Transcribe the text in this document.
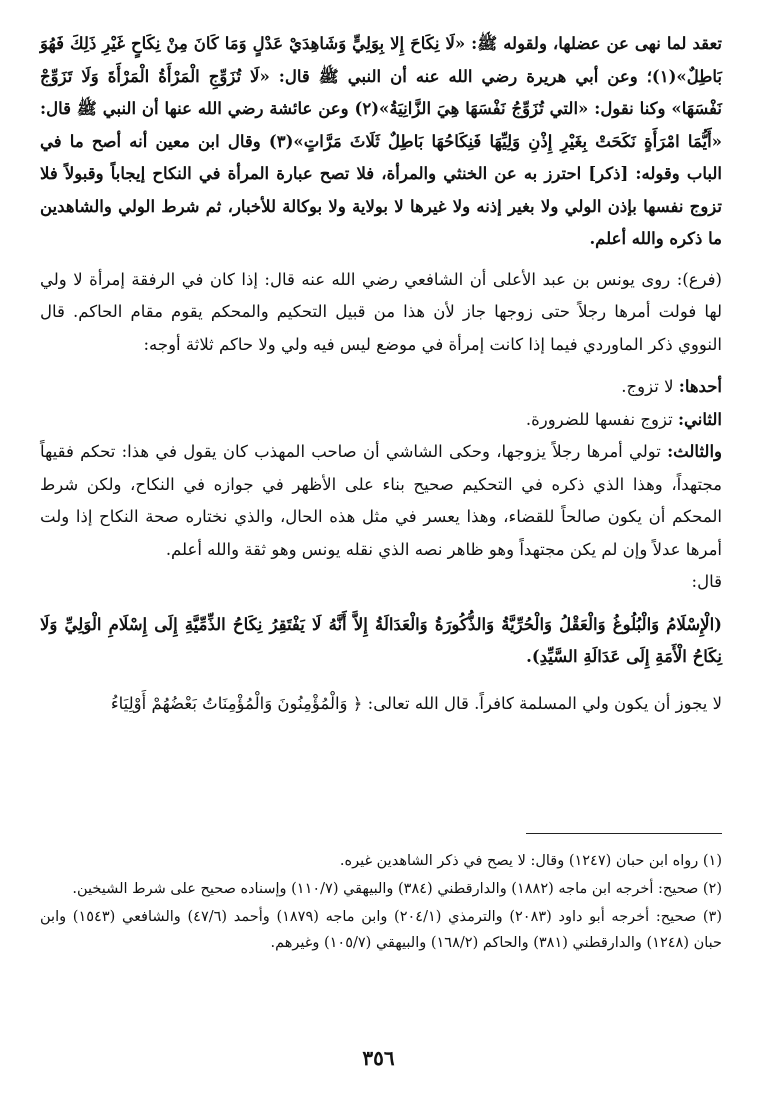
تعقد لما نهى عن عضلها، ولقوله ﷺ: «لَا نِكَاحَ إِلا بِوَلِيٍّ وَشَاهِدَيْ عَدْلٍ وَمَا كَانَ مِنْ نِكَاحٍ غَيْرِ ذَلِكَ فَهُوَ بَاطِلٌ»(١)؛ وعن أبي هريرة رضي الله عنه أن النبي ﷺ قال: «لَا تُزَوِّجِ الْمَرْأَةُ الْمَرْأَةَ وَلَا تَزَوِّجْ نَفْسَهَا» وكنا نقول: «التي تُزَوِّجُ نَفْسَهَا هِيَ الزَّانِيَةُ»(٢) وعن عائشة رضي الله عنها أن النبي ﷺ قال: «أَيُّمَا امْرَأَةٍ نَكَحَتْ بِغَيْرِ إِذْنِ وَلِيِّهَا فَنِكَاحُهَا بَاطِلٌ ثَلَاثَ مَرَّاتٍ»(٣) وقال ابن معين أنه أصح ما في الباب وقوله: [ذكر] احترز به عن الخنثي والمرأة، فلا تصح عبارة المرأة في النكاح إيجاباً وقبولاً فلا تزوج نفسها بإذن الولي ولا بغير إذنه ولا غيرها لا بولاية ولا بوكالة للأخبار، ثم شرط الولي والشاهدين ما ذكره والله أعلم.

(فرع): روى يونس بن عبد الأعلى أن الشافعي رضي الله عنه قال: إذا كان في الرفقة إمرأة لا ولي لها فولت أمرها رجلاً حتى زوجها جاز لأن هذا من قبيل التحكيم والمحكم يقوم مقام الحاكم. قال النووي ذكر الماوردي فيما إذا كانت إمرأة في موضع ليس فيه ولي ولا حاكم ثلاثة أوجه:

أحدها: لا تزوج.

الثاني: تزوج نفسها للضرورة.

والثالث: تولي أمرها رجلاً يزوجها، وحكى الشاشي أن صاحب المهذب كان يقول في هذا: تحكم فقيهاً مجتهداً، وهذا الذي ذكره في التحكيم صحيح بناء على الأظهر في جوازه في النكاح، ولكن شرط المحكم أن يكون صالحاً للقضاء، وهذا يعسر في مثل هذه الحال، والذي نختاره صحة النكاح إذا ولت أمرها عدلاً وإن لم يكن مجتهداً وهو ظاهر نصه الذي نقله يونس وهو ثقة والله أعلم.

قال:

(الْإِسْلَامُ وَالْبُلُوغُ وَالْعَقْلُ وَالْحُرِّيَّةُ وَالذُّكُورَةُ وَالْعَدَالَةُ إِلاَّ أَنَّهُ لَا يَفْتَقِرُ نِكَاحُ الذِّمِّيَّةِ إِلَى إِسْلَامِ الْوَلِيِّ وَلَا نِكَاحُ الْأَمَةِ إِلَى عَدَالَةِ السَّيِّدِ).

لا يجوز أن يكون ولي المسلمة كافراً. قال الله تعالى: ﴿ وَالْمُؤْمِنُونَ وَالْمُؤْمِنَاتُ بَعْضُهُمْ أَوْلِيَاءُ

(١) رواه ابن حبان (١٢٤٧) وقال: لا يصح في ذكر الشاهدين غيره.

(٢) صحيح: أخرجه ابن ماجه (١٨٨٢) والدارقطني (٣٨٤) والبيهقي (١١٠/٧) وإسناده صحيح على شرط الشيخين.

(٣) صحيح: أخرجه أبو داود (٢٠٨٣) والترمذي (٢٠٤/١) وابن ماجه (١٨٧٩) وأحمد (٤٧/٦) والشافعي (١٥٤٣) وابن حبان (١٢٤٨) والدارقطني (٣٨١) والحاكم (١٦٨/٢) والبيهقي (١٠٥/٧) وغيرهم.

٣٥٦
